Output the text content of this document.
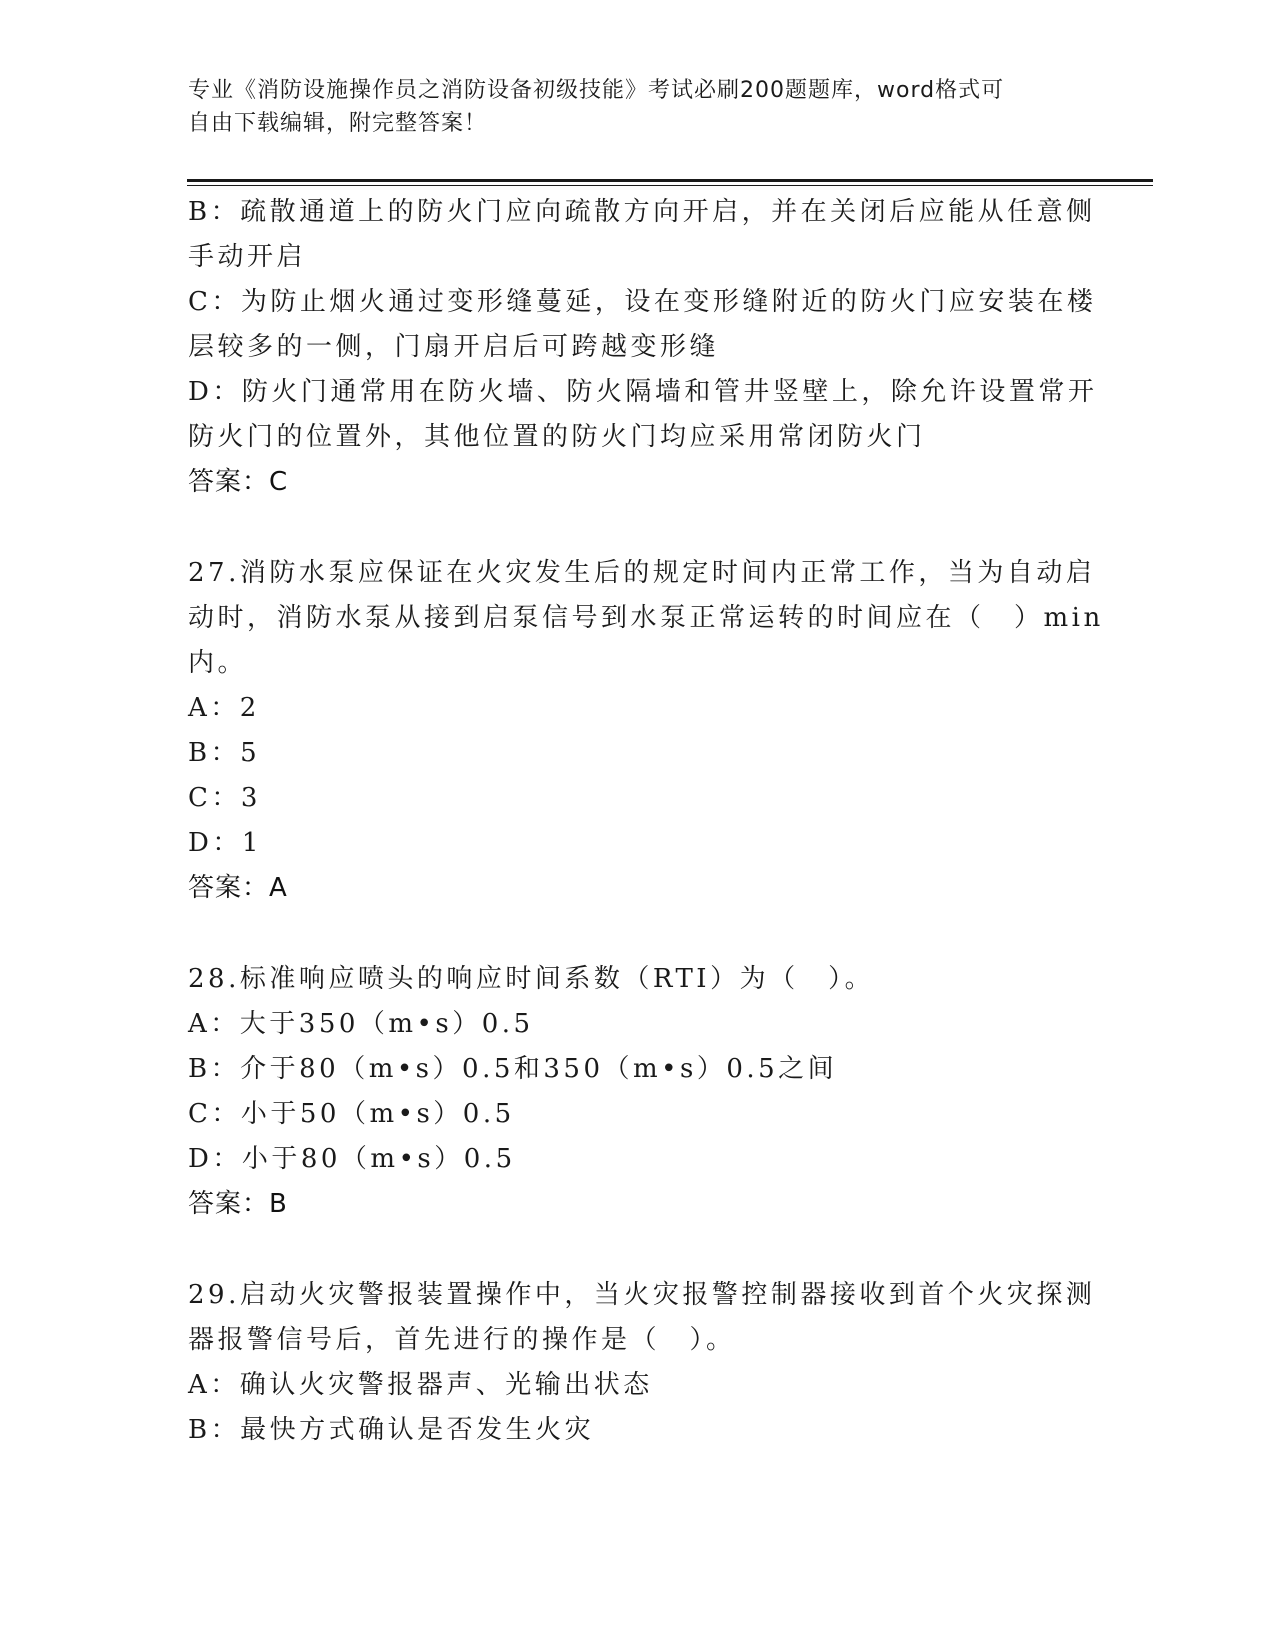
专业《消防设施操作员之消防设备初级技能》考试必刷200题题库，word格式可
自由下载编辑，附完整答案！
B：疏散通道上的防火门应向疏散方向开启，并在关闭后应能从任意侧
手动开启
C：为防止烟火通过变形缝蔓延，设在变形缝附近的防火门应安装在楼
层较多的一侧，门扇开启后可跨越变形缝
D：防火门通常用在防火墙、防火隔墙和管井竖壁上，除允许设置常开
防火门的位置外，其他位置的防火门均应采用常闭防火门
答案：C
27.消防水泵应保证在火灾发生后的规定时间内正常工作，当为自动启
动时，消防水泵从接到启泵信号到水泵正常运转的时间应在（　）min
内。
A：2
B：5
C：3
D：1
答案：A
28.标准响应喷头的响应时间系数（RTI）为（　）。
A：大于350（m•s）0.5
B：介于80（m•s）0.5和350（m•s）0.5之间
C：小于50（m•s）0.5
D：小于80（m•s）0.5
答案：B
29.启动火灾警报装置操作中，当火灾报警控制器接收到首个火灾探测
器报警信号后，首先进行的操作是（　）。
A：确认火灾警报器声、光输出状态
B：最快方式确认是否发生火灾
